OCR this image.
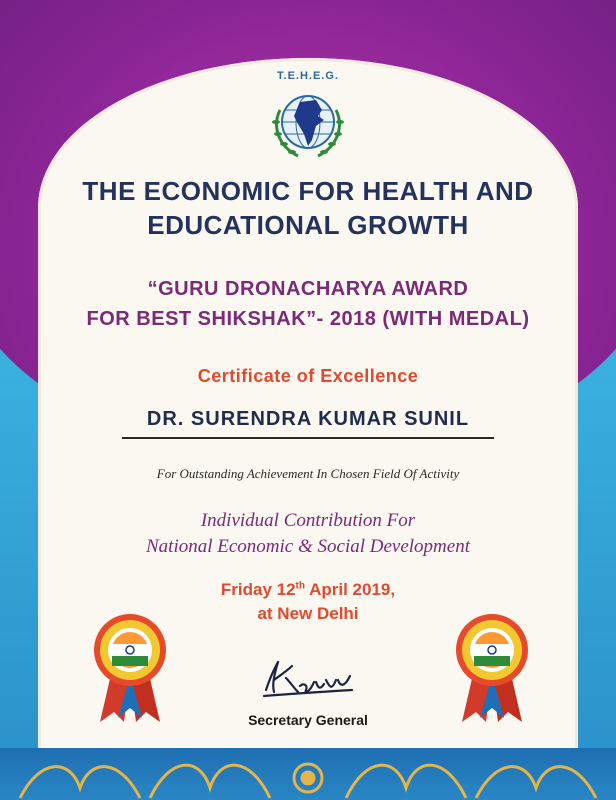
T.E.H.E.G.
THE ECONOMIC FOR HEALTH AND
EDUCATIONAL GROWTH
“GURU DRONACHARYA AWARD
FOR BEST SHIKSHAK”- 2018 (WITH MEDAL)
Certificate of Excellence
DR. SURENDRA KUMAR SUNIL
For Outstanding Achievement In Chosen Field Of Activity
Individual Contribution For
National Economic & Social Development
Friday 12th April 2019,
at New Delhi
Secretary General
